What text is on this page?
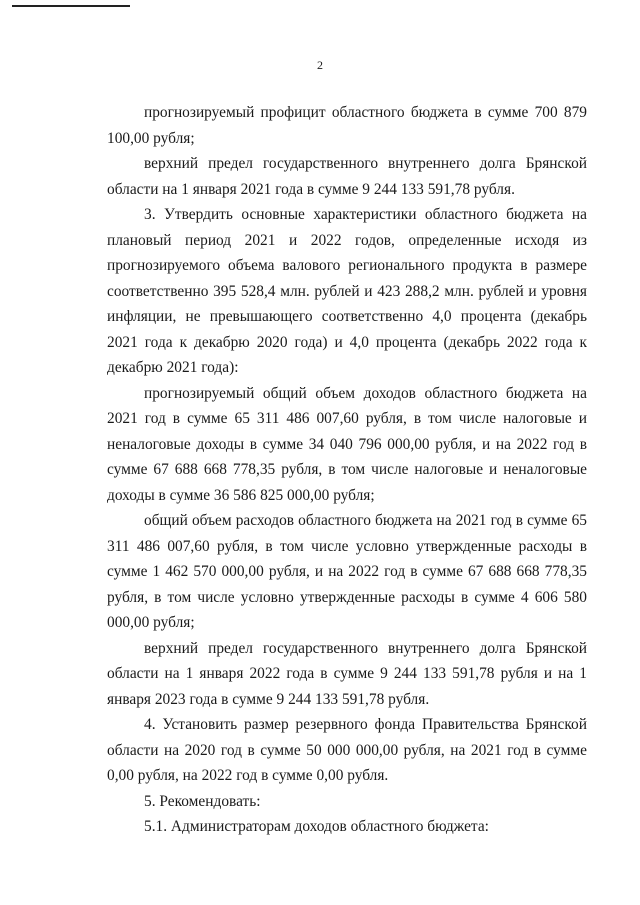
2

прогнозируемый профицит областного бюджета в сумме 700 879 100,00 рубля;

верхний предел государственного внутреннего долга Брянской области на 1 января 2021 года в сумме 9 244 133 591,78 рубля.

3. Утвердить основные характеристики областного бюджета на плановый период 2021 и 2022 годов, определенные исходя из прогнозируемого объема валового регионального продукта в размере соответственно 395 528,4 млн. рублей и 423 288,2 млн. рублей и уровня инфляции, не превышающего соответственно 4,0 процента (декабрь 2021 года к декабрю 2020 года) и 4,0 процента (декабрь 2022 года к декабрю 2021 года):

прогнозируемый общий объем доходов областного бюджета на 2021 год в сумме 65 311 486 007,60 рубля, в том числе налоговые и неналоговые доходы в сумме 34 040 796 000,00 рубля, и на 2022 год в сумме 67 688 668 778,35 рубля, в том числе налоговые и неналоговые доходы в сумме 36 586 825 000,00 рубля;

общий объем расходов областного бюджета на 2021 год в сумме 65 311 486 007,60 рубля, в том числе условно утвержденные расходы в сумме 1 462 570 000,00 рубля, и на 2022 год в сумме 67 688 668 778,35 рубля, в том числе условно утвержденные расходы в сумме 4 606 580 000,00 рубля;

верхний предел государственного внутреннего долга Брянской области на 1 января 2022 года в сумме 9 244 133 591,78 рубля и на 1 января 2023 года в сумме 9 244 133 591,78 рубля.

4. Установить размер резервного фонда Правительства Брянской области на 2020 год в сумме 50 000 000,00 рубля, на 2021 год в сумме 0,00 рубля, на 2022 год в сумме 0,00 рубля.

5. Рекомендовать:

5.1. Администраторам доходов областного бюджета:
